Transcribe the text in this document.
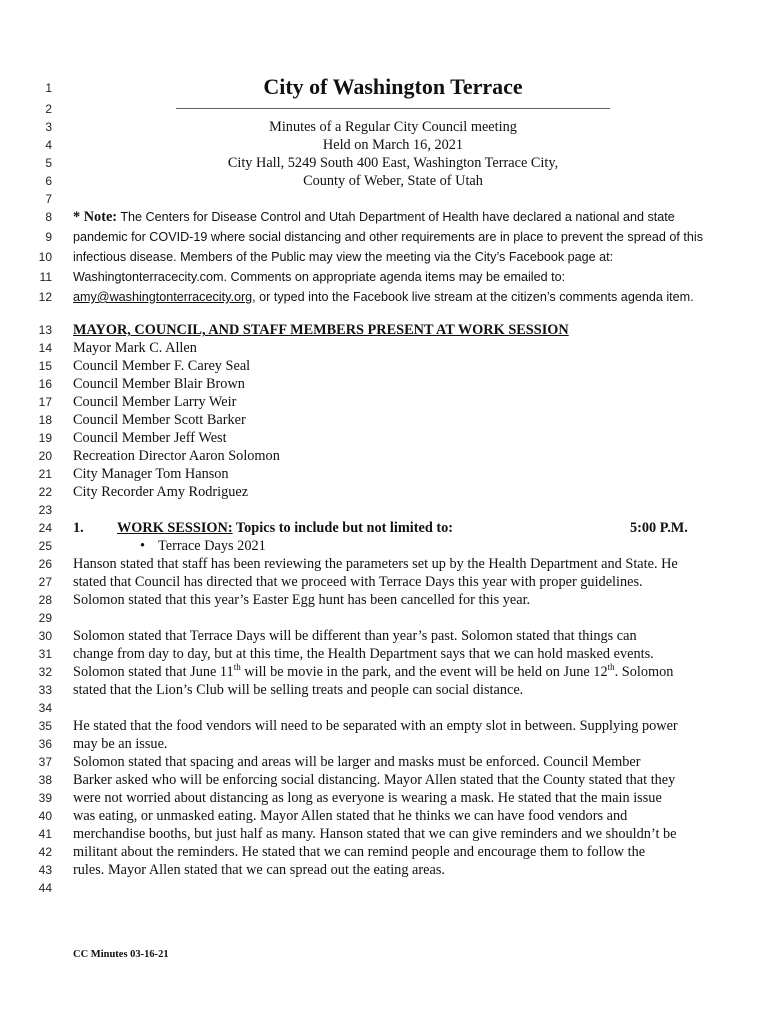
1	City of Washington Terrace
2	______________________________________________________________
3	Minutes of a Regular City Council meeting
4	Held on March 16, 2021
5	City Hall, 5249 South 400 East, Washington Terrace City,
6	County of Weber, State of Utah
7
8 * Note: The Centers for Disease Control and Utah Department of Health have declared a national and state
9 pandemic for COVID-19 where social distancing and other requirements are in place to prevent the spread of this
10 infectious disease. Members of the Public may view the meeting via the City’s Facebook page at:
11 Washingtonterracecity.com. Comments on appropriate agenda items may be emailed to:
12 amy@washingtonterracecity.org, or typed into the Facebook live stream at the citizen’s comments agenda item.
13 MAYOR, COUNCIL, AND STAFF MEMBERS PRESENT AT WORK SESSION
14 Mayor Mark C. Allen
15 Council Member F. Carey Seal
16 Council Member Blair Brown
17 Council Member Larry Weir
18 Council Member Scott Barker
19 Council Member Jeff West
20 Recreation Director Aaron Solomon
21 City Manager Tom Hanson
22 City Recorder Amy Rodriguez
23
24 1. WORK SESSION: Topics to include but not limited to:	5:00 P.M.
25	• Terrace Days 2021
26 Hanson stated that staff has been reviewing the parameters set up by the Health Department and State. He
27 stated that Council has directed that we proceed with Terrace Days this year with proper guidelines.
28 Solomon stated that this year’s Easter Egg hunt has been cancelled for this year.
29
30 Solomon stated that Terrace Days will be different than year’s past. Solomon stated that things can
31 change from day to day, but at this time, the Health Department says that we can hold masked events.
32 Solomon stated that June 11th will be movie in the park, and the event will be held on June 12th. Solomon
33 stated that the Lion’s Club will be selling treats and people can social distance.
34
35 He stated that the food vendors will need to be separated with an empty slot in between. Supplying power
36 may be an issue.
37 Solomon stated that spacing and areas will be larger and masks must be enforced. Council Member
38 Barker asked who will be enforcing social distancing. Mayor Allen stated that the County stated that they
39 were not worried about distancing as long as everyone is wearing a mask. He stated that the main issue
40 was eating, or unmasked eating. Mayor Allen stated that he thinks we can have food vendors and
41 merchandise booths, but just half as many. Hanson stated that we can give reminders and we shouldn’t be
42 militant about the reminders. He stated that we can remind people and encourage them to follow the
43 rules. Mayor Allen stated that we can spread out the eating areas.
44
CC Minutes 03-16-21
